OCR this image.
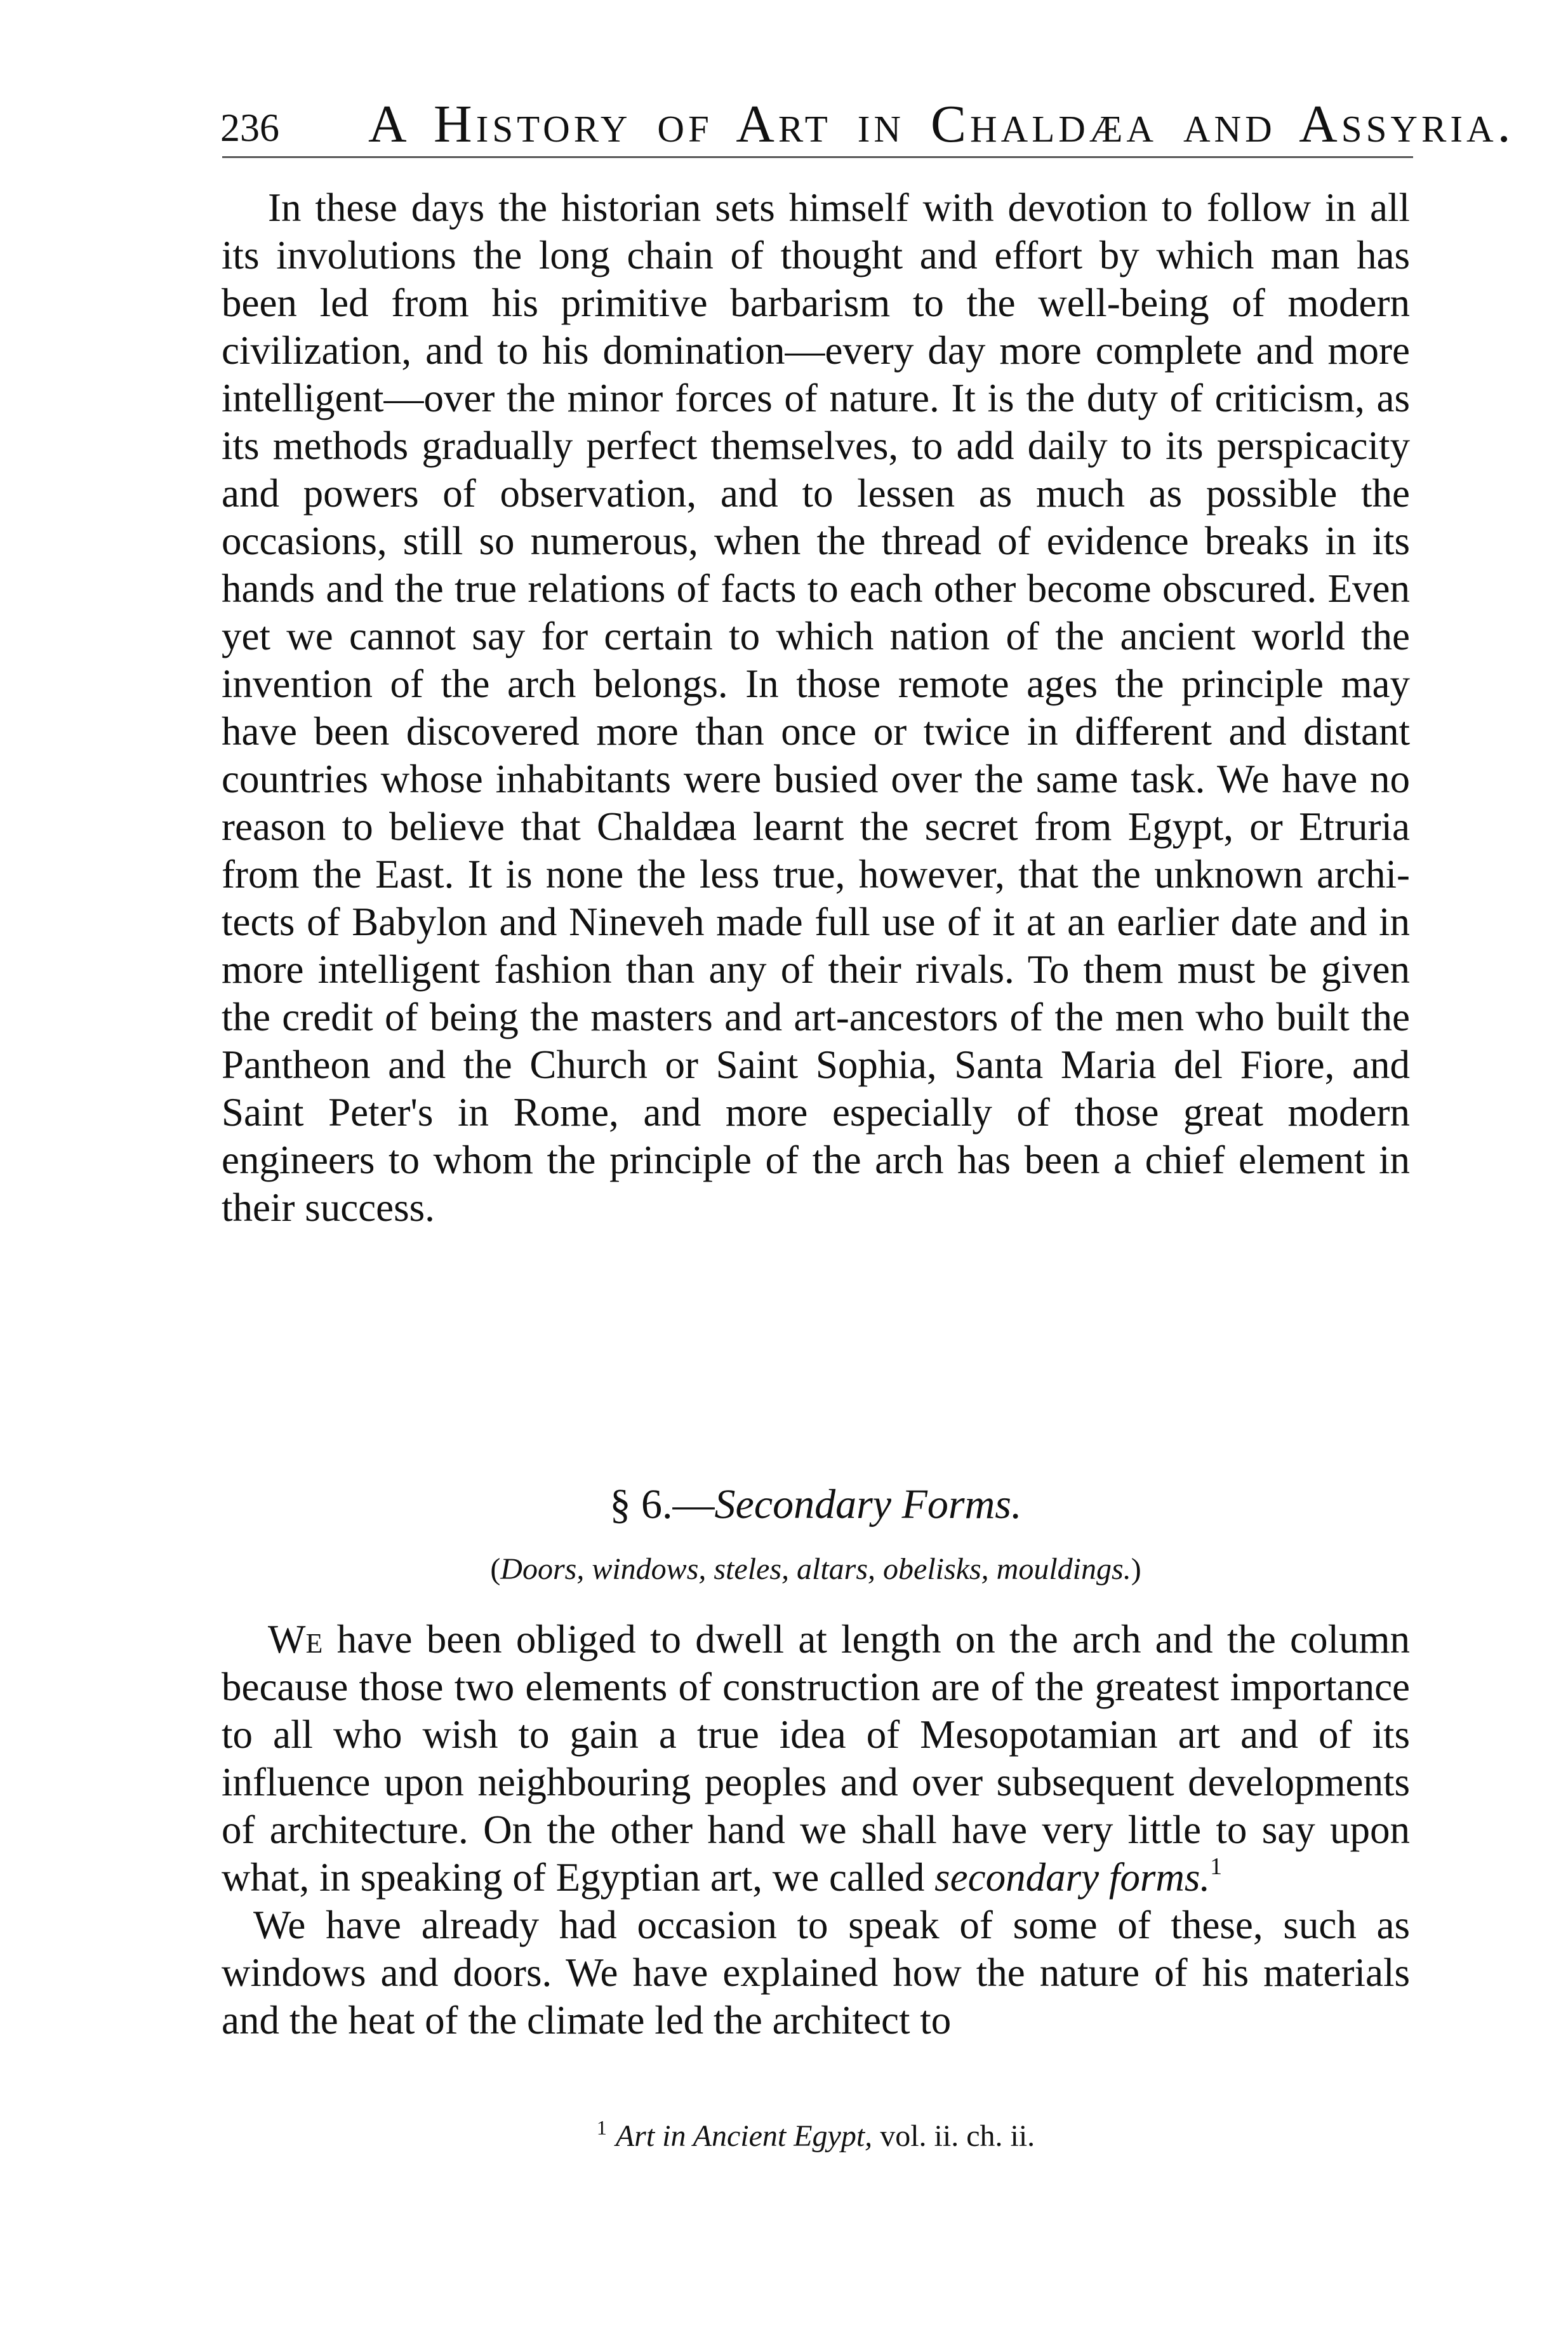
236 A History of Art in Chaldæa and Assyria.

In these days the historian sets himself with devotion to follow in all its involutions the long chain of thought and effort by which man has been led from his primitive barbarism to the well-being of modern civilization, and to his domination—every day more complete and more intelligent—over the minor forces of nature. It is the duty of criticism, as its methods gradually perfect themselves, to add daily to its perspicacity and powers of observation, and to lessen as much as possible the occasions, still so numerous, when the thread of evidence breaks in its hands and the true relations of facts to each other become obscured. Even yet we cannot say for certain to which nation of the ancient world the invention of the arch belongs. In those remote ages the principle may have been discovered more than once or twice in different and distant countries whose inhabitants were busied over the same task. We have no reason to believe that Chaldæa learnt the secret from Egypt, or Etruria from the East. It is none the less true, however, that the unknown architects of Babylon and Nineveh made full use of it at an earlier date and in more intelligent fashion than any of their rivals. To them must be given the credit of being the masters and art-ancestors of the men who built the Pantheon and the Church or Saint Sophia, Santa Maria del Fiore, and Saint Peter's in Rome, and more especially of those great modern engineers to whom the principle of the arch has been a chief element in their success.

§ 6.—Secondary Forms.
(Doors, windows, steles, altars, obelisks, mouldings.)

We have been obliged to dwell at length on the arch and the column because those two elements of construction are of the greatest importance to all who wish to gain a true idea of Mesopotamian art and of its influence upon neighbouring peoples and over subsequent developments of architecture. On the other hand we shall have very little to say upon what, in speaking of Egyptian art, we called secondary forms.$^1$

We have already had occasion to speak of some of these, such as windows and doors. We have explained how the nature of his materials and the heat of the climate led the architect to

$^1$ Art in Ancient Egypt, vol. ii. ch. ii.
